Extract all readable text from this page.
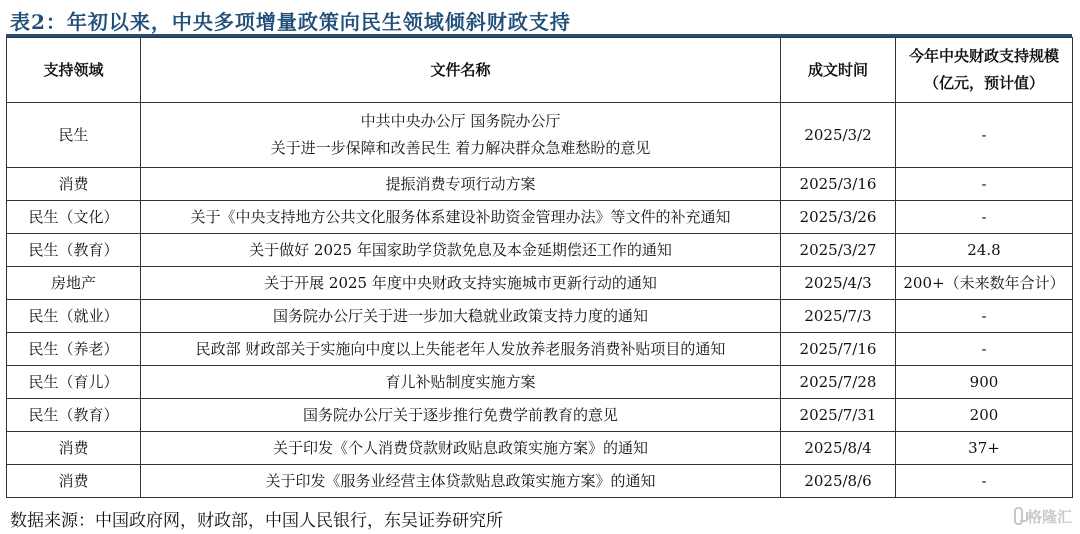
表2：年初以来，中央多项增量政策向民生领域倾斜财政支持
支持领域	文件名称	成文时间	今年中央财政支持规模
（亿元，预计值）

民生	中共中央办公厅 国务院办公厅
关于进一步保障和改善民生 着力解决群众急难愁盼的意见	2025/3/2	-
消费	提振消费专项行动方案	2025/3/16	-
民生（文化）	关于《中央支持地方公共文化服务体系建设补助资金管理办法》等文件的补充通知	2025/3/26	-
民生（教育）	关于做好 2025 年国家助学贷款免息及本金延期偿还工作的通知	2025/3/27	24.8
房地产	关于开展 2025 年度中央财政支持实施城市更新行动的通知	2025/4/3	200+（未来数年合计）
民生（就业）	国务院办公厅关于进一步加大稳就业政策支持力度的通知	2025/7/3	-
民生（养老）	民政部 财政部关于实施向中度以上失能老年人发放养老服务消费补贴项目的通知	2025/7/16	-
民生（育儿）	育儿补贴制度实施方案	2025/7/28	900
民生（教育）	国务院办公厅关于逐步推行免费学前教育的意见	2025/7/31	200
消费	关于印发《个人消费贷款财政贴息政策实施方案》的通知	2025/8/4	37+
消费	关于印发《服务业经营主体贷款贴息政策实施方案》的通知	2025/8/6	-
数据来源：中国政府网，财政部，中国人民银行，东吴证券研究所	格隆汇
